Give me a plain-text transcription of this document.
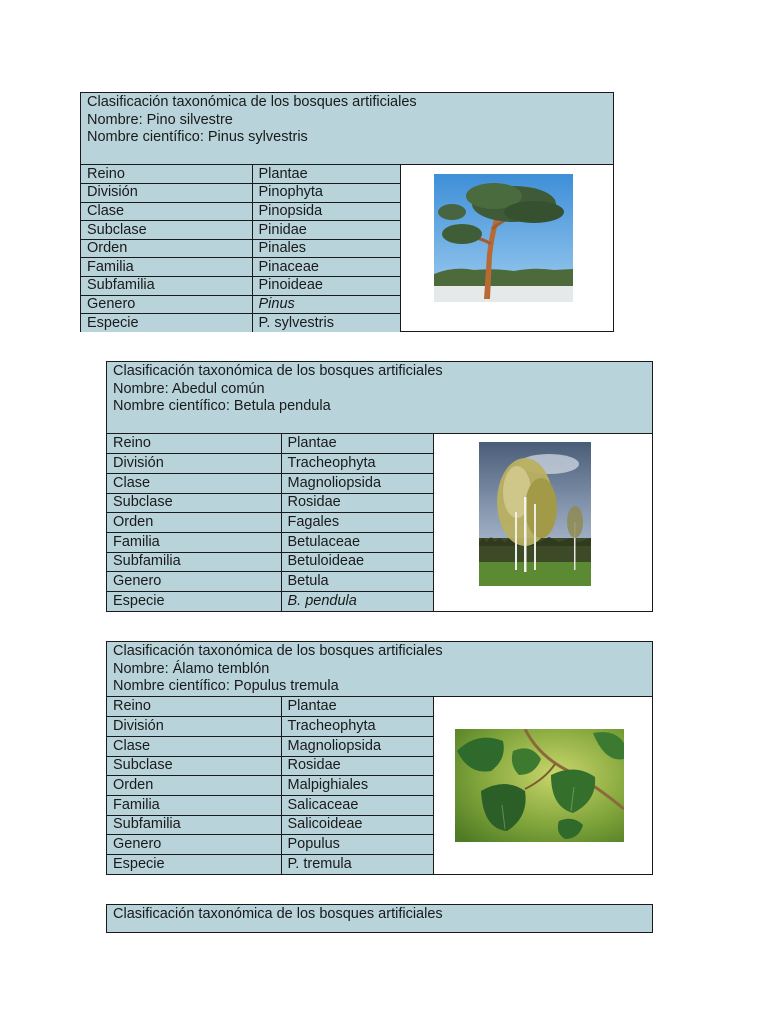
Clasificación taxonómica de los bosques artificiales
Nombre: Pino silvestre
Nombre científico: Pinus sylvestris
Reino	Plantae
División	Pinophyta
Clase	Pinopsida
Subclase	Pinidae
Orden	Pinales
Familia	Pinaceae
Subfamilia	Pinoideae
Genero	Pinus
Especie	P. sylvestris
Clasificación taxonómica de los bosques artificiales
Nombre: Abedul común
Nombre científico: Betula pendula
Reino	Plantae
División	Tracheophyta
Clase	Magnoliopsida
Subclase	Rosidae
Orden	Fagales
Familia	Betulaceae
Subfamilia	Betuloideae
Genero	Betula
Especie	B. pendula
Clasificación taxonómica de los bosques artificiales
Nombre: Álamo temblón
Nombre científico: Populus tremula
Reino	Plantae
División	Tracheophyta
Clase	Magnoliopsida
Subclase	Rosidae
Orden	Malpighiales
Familia	Salicaceae
Subfamilia	Salicoideae
Genero	Populus
Especie	P. tremula
Clasificación taxonómica de los bosques artificiales
